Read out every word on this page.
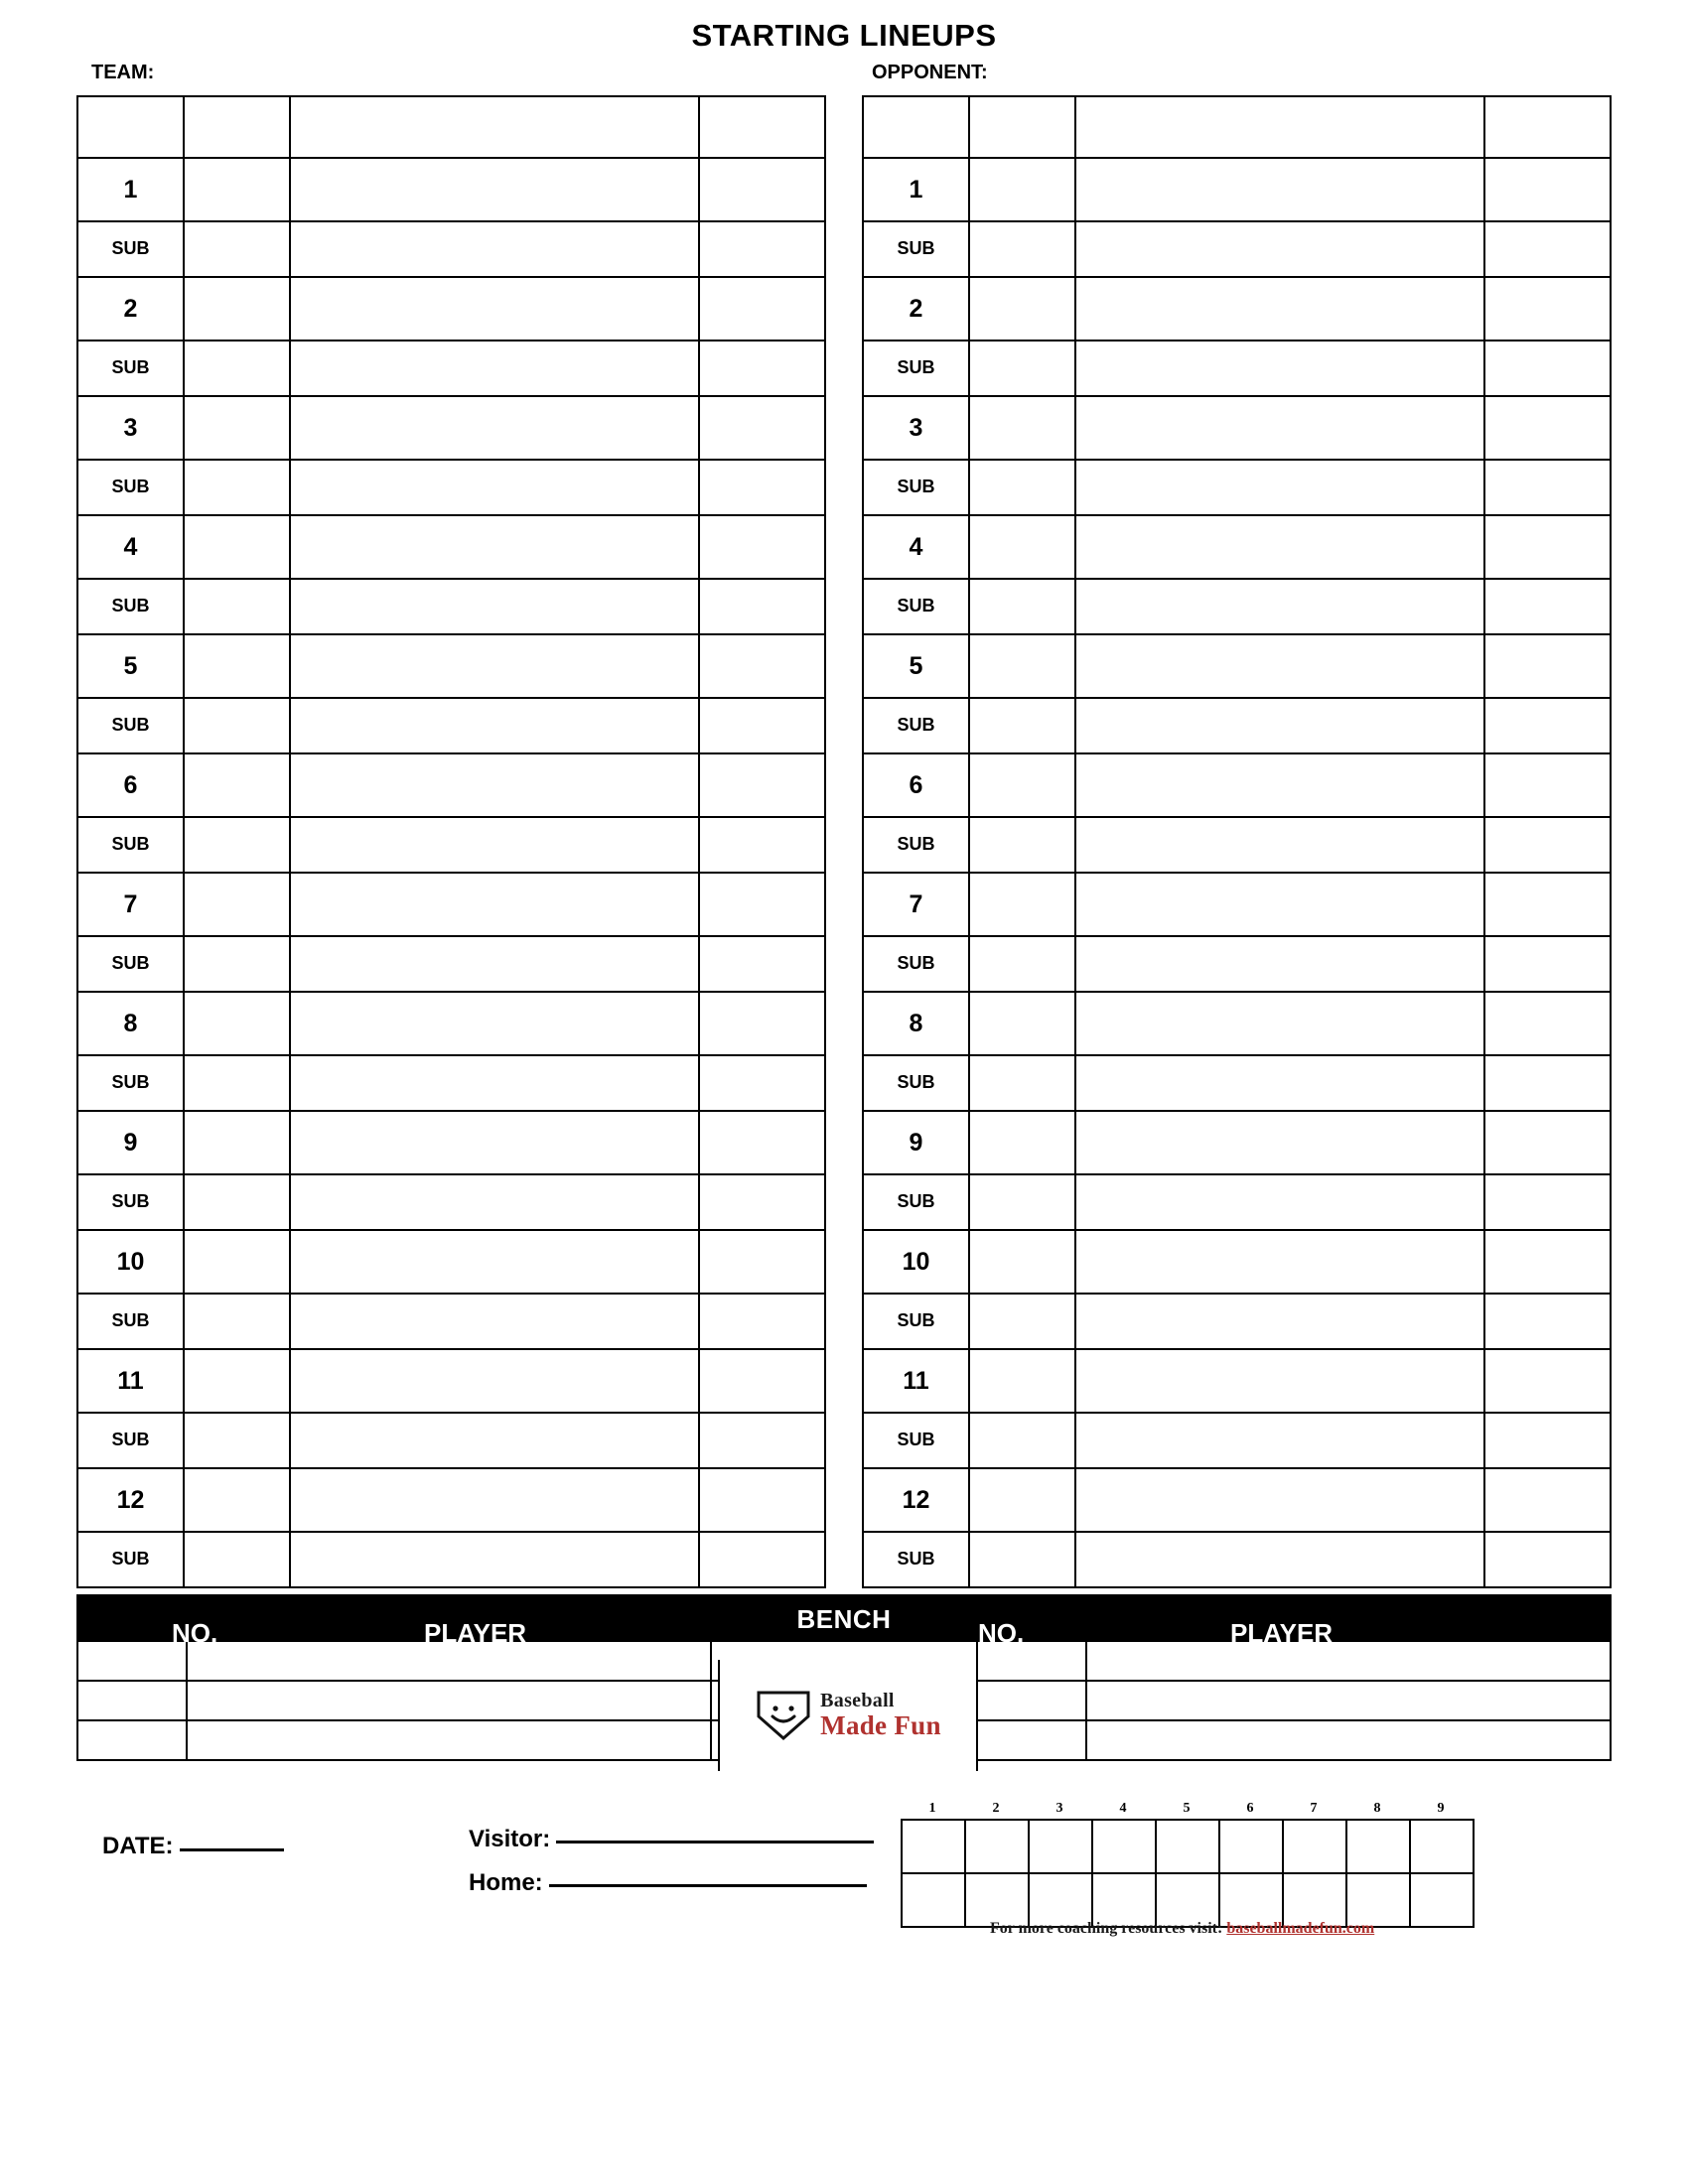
STARTING LINEUPS
TEAM:	OPPONENT:

1			
SUB			
2			
SUB			
3			
SUB			
4			
SUB			
5			
SUB			
6			
SUB			
7			
SUB			
8			
SUB			
9			
SUB			
10			
SUB			
11			
SUB			
12			
SUB			

1			
SUB			
2			
SUB			
3			
SUB			
4			
SUB			
5			
SUB			
6			
SUB			
7			
SUB			
8			
SUB			
9			
SUB			
10			
SUB			
11			
SUB			
12			
SUB			
BENCH
NO.	PLAYER	NO.	PLAYER

Baseball
Made Fun
DATE:	Visitor:
Home:
1	2	3	4	5	6	7	8	9

For more coaching resources visit: baseballmadefun.com
